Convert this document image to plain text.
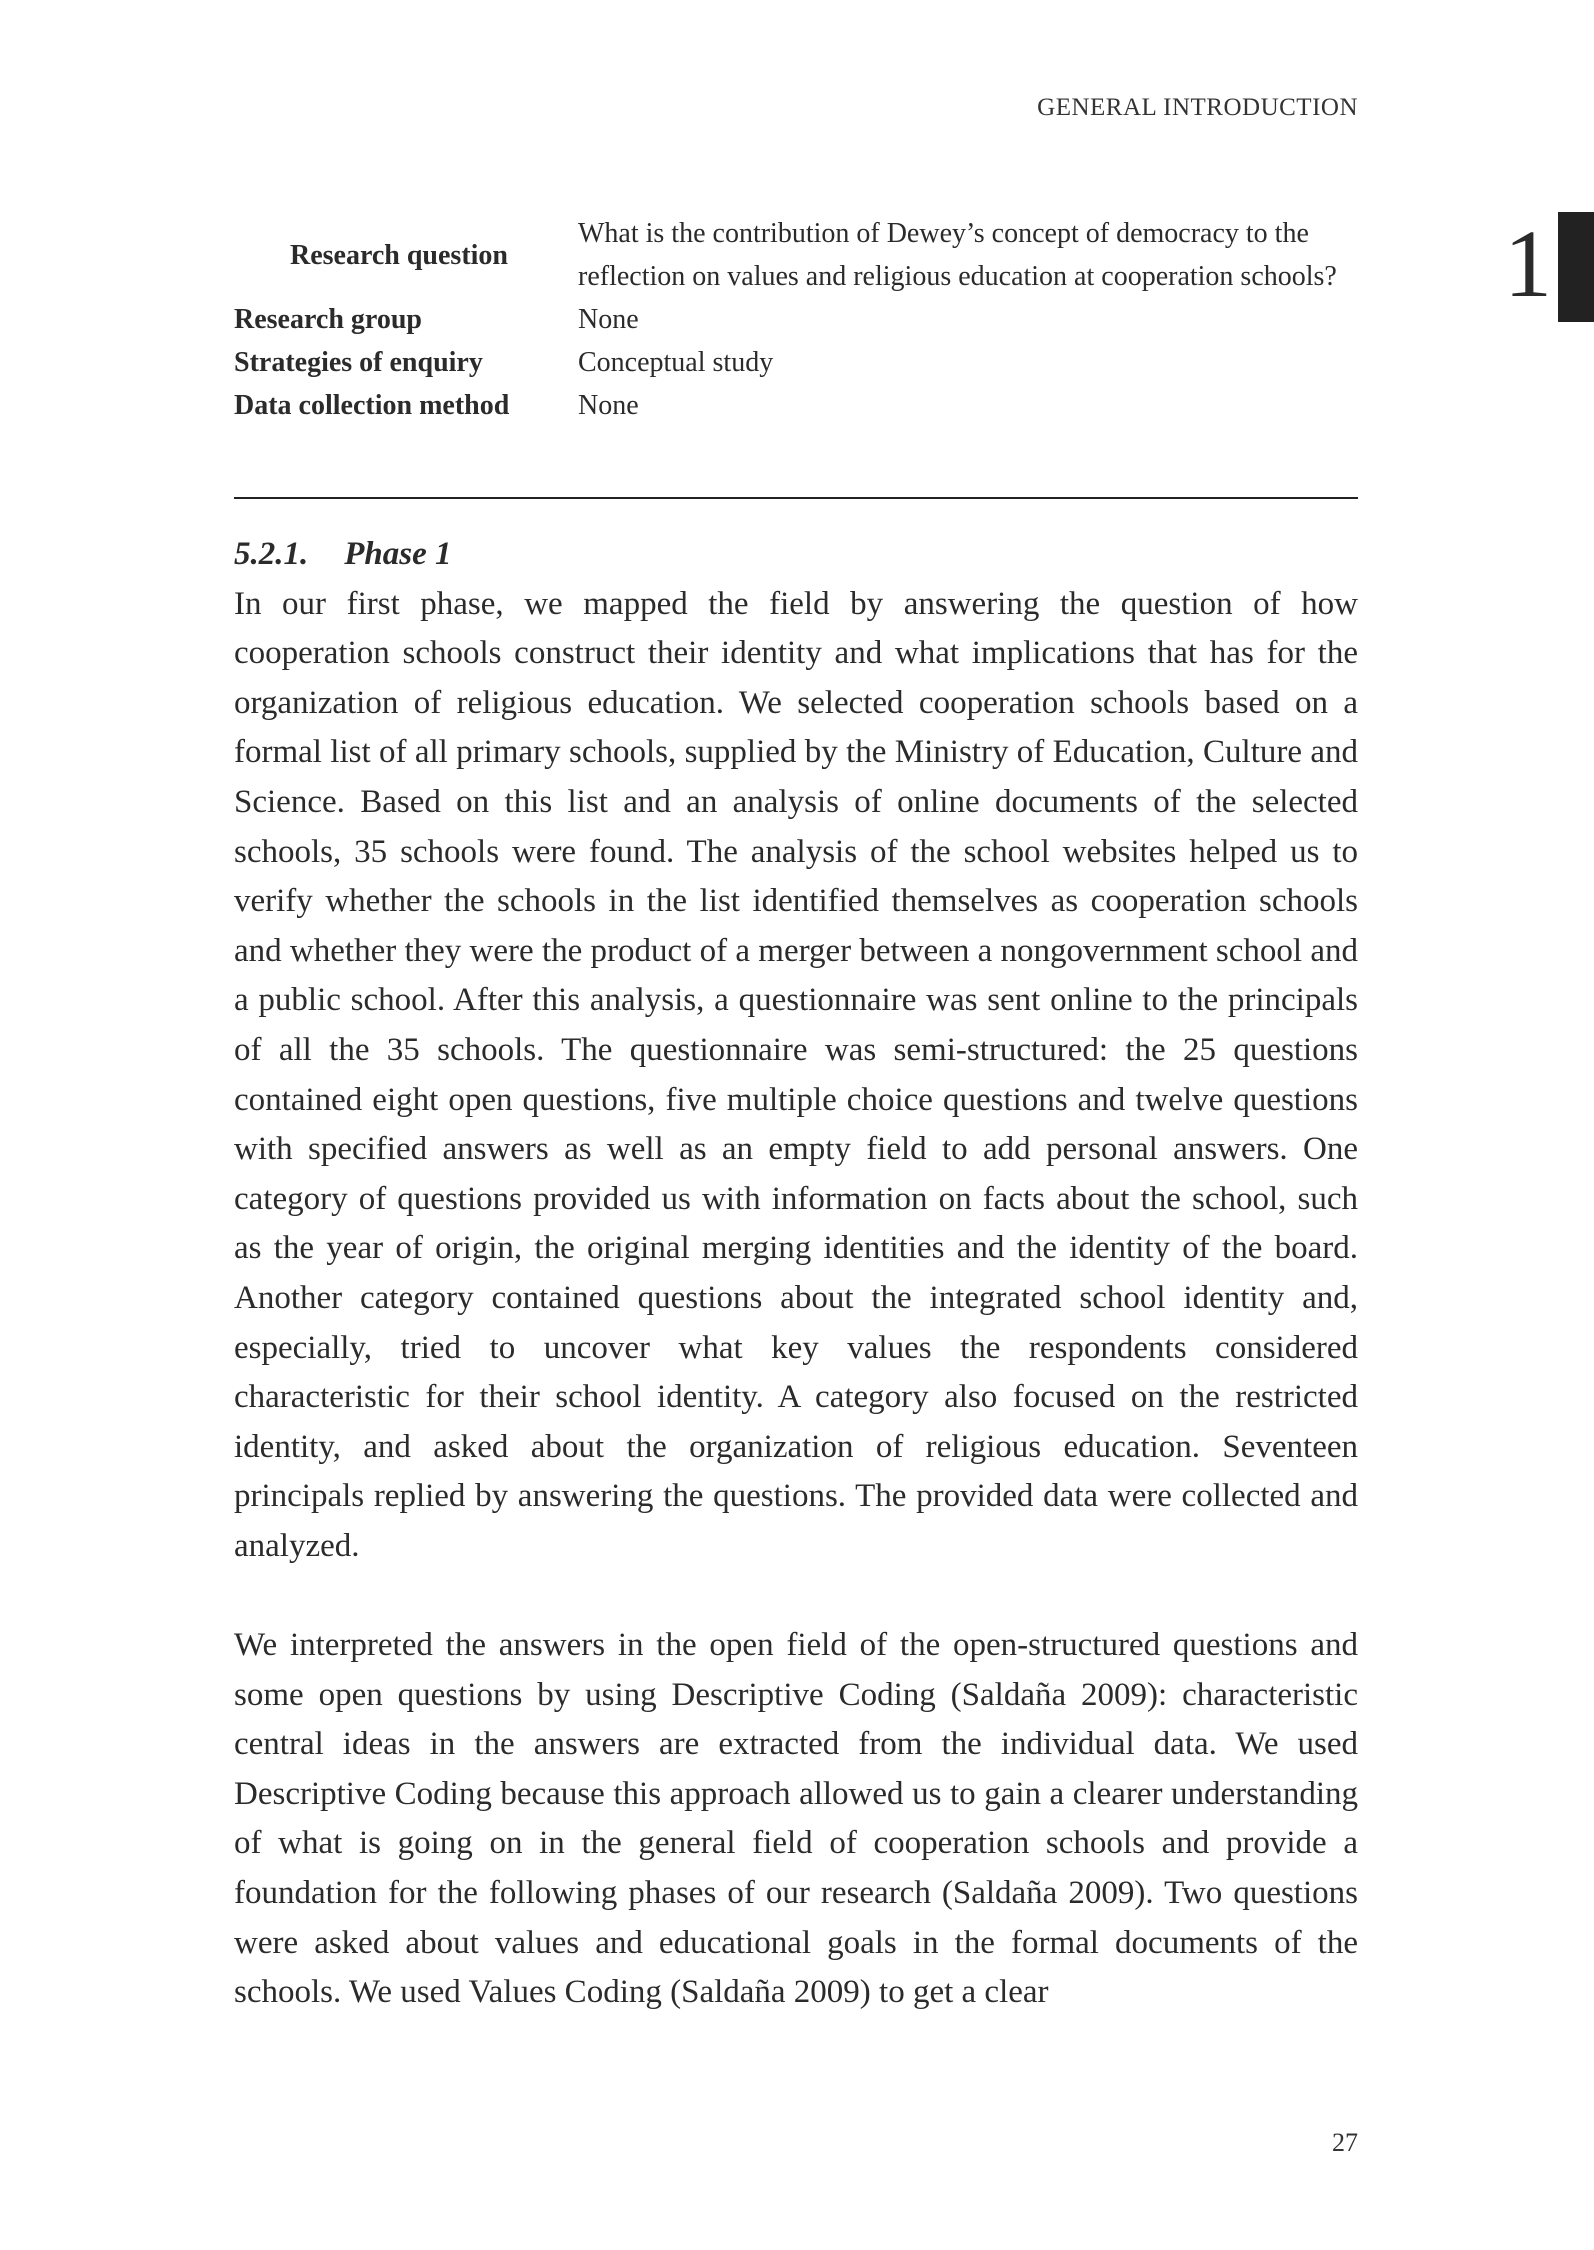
GENERAL INTRODUCTION
1
Research question	What is the contribution of Dewey’s concept of democracy to the reflection on values and religious education at cooperation schools?
Research group	None
Strategies of enquiry	Conceptual study
Data collection method	None
5.2.1. Phase 1

In our first phase, we mapped the field by answering the question of how cooperation schools construct their identity and what implications that has for the organization of religious education. We selected cooperation schools based on a formal list of all primary schools, supplied by the Ministry of Education, Culture and Science. Based on this list and an analysis of online documents of the selected schools, 35 schools were found. The analysis of the school websites helped us to verify whether the schools in the list identified themselves as cooperation schools and whether they were the product of a merger between a nongovernment school and a public school. After this analysis, a questionnaire was sent online to the principals of all the 35 schools. The questionnaire was semi-structured: the 25 questions contained eight open questions, five multiple choice questions and twelve questions with specified answers as well as an empty field to add personal answers. One category of questions provided us with information on facts about the school, such as the year of origin, the original merging identities and the identity of the board. Another category contained questions about the integrated school identity and, especially, tried to uncover what key values the respondents considered characteristic for their school identity. A category also focused on the restricted identity, and asked about the organization of religious education. Seventeen principals replied by answering the questions. The provided data were collected and analyzed.

We interpreted the answers in the open field of the open-structured questions and some open questions by using Descriptive Coding (Saldaña 2009): characteristic central ideas in the answers are extracted from the individual data. We used Descriptive Coding because this approach allowed us to gain a clearer understanding of what is going on in the general field of cooperation schools and provide a foundation for the following phases of our research (Saldaña 2009). Two questions were asked about values and educational goals in the formal documents of the schools. We used Values Coding (Saldaña 2009) to get a clear

27
